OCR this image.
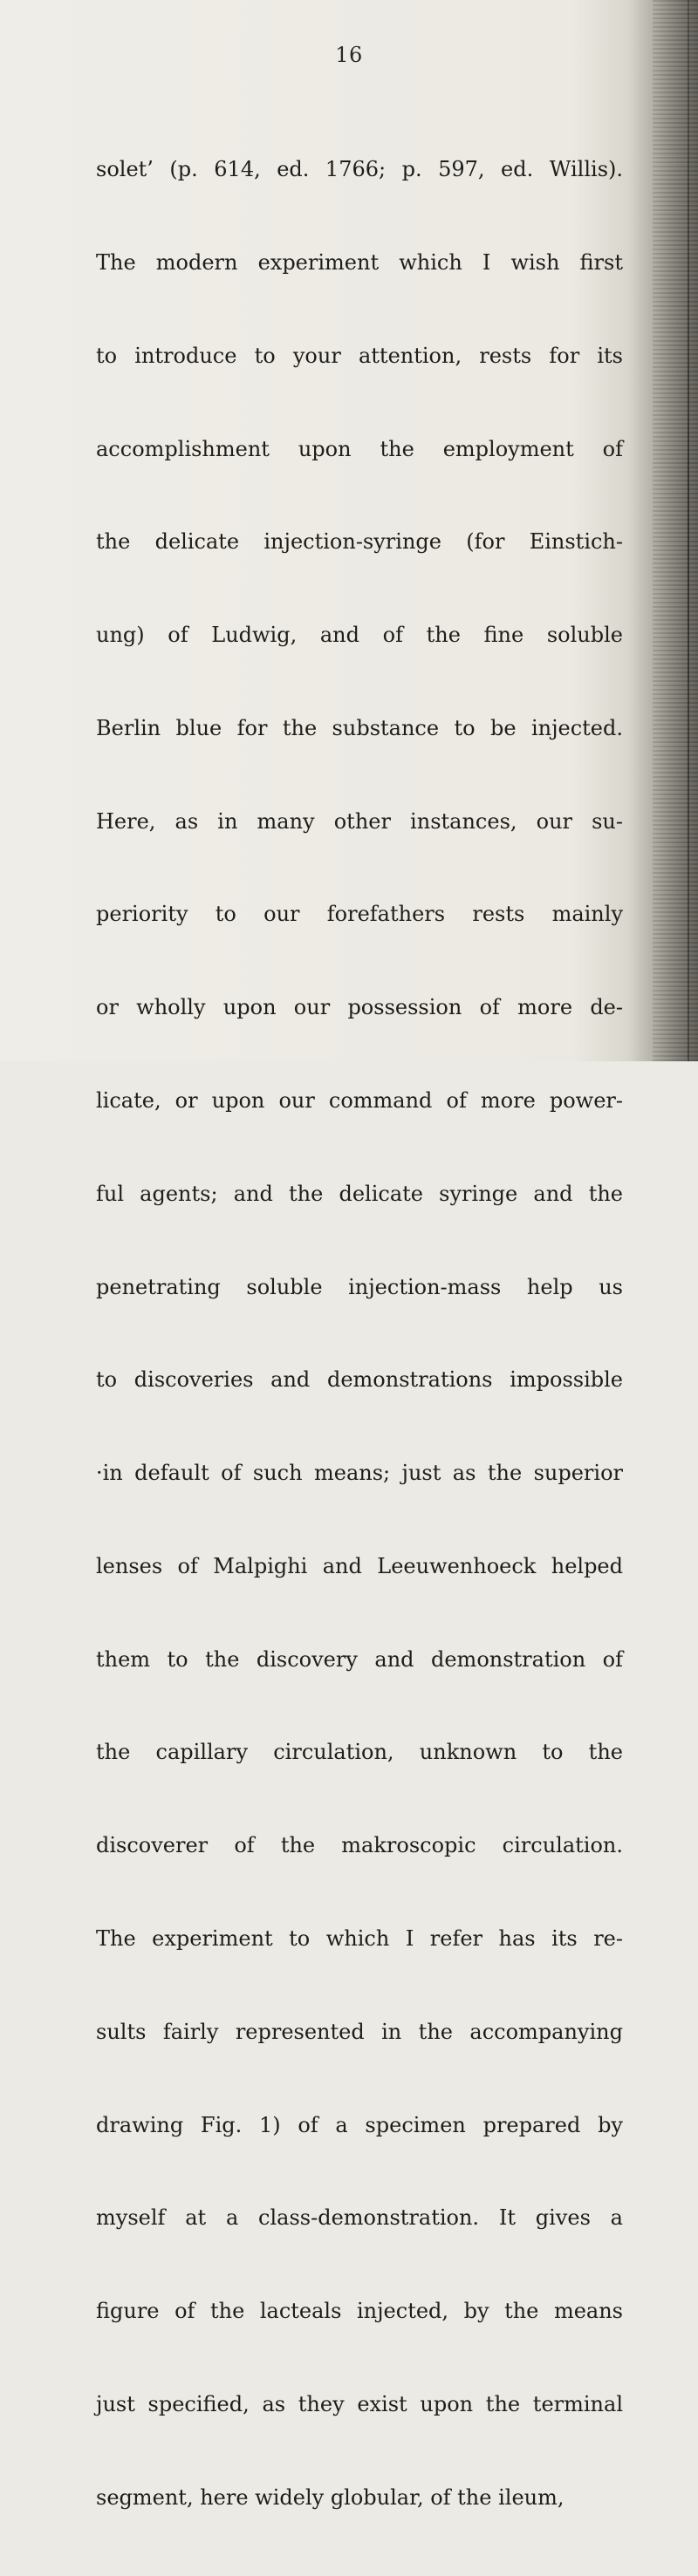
16

solet’ (p. 614, ed. 1766; p. 597, ed. Willis).

The modern experiment which I wish first

to introduce to your attention, rests for its

accomplishment upon the employment of

the delicate injection-syringe (for Einstich-

ung) of Ludwig, and of the fine soluble

Berlin blue for the substance to be injected.

Here, as in many other instances, our su-

periority to our forefathers rests mainly

or wholly upon our possession of more de-

licate, or upon our command of more power-

ful agents; and the delicate syringe and the

penetrating soluble injection-mass help us

to discoveries and demonstrations impossible

·in default of such means; just as the superior

lenses of Malpighi and Leeuwenhoeck helped

them to the discovery and demonstration of

the capillary circulation, unknown to the

discoverer of the makroscopic circulation.

The experiment to which I refer has its re-

sults fairly represented in the accompanying

drawing Fig. 1) of a specimen prepared by

myself at a class-demonstration. It gives a

figure of the lacteals injected, by the means

just specified, as they exist upon the terminal

segment, here widely globular, of the ileum,
